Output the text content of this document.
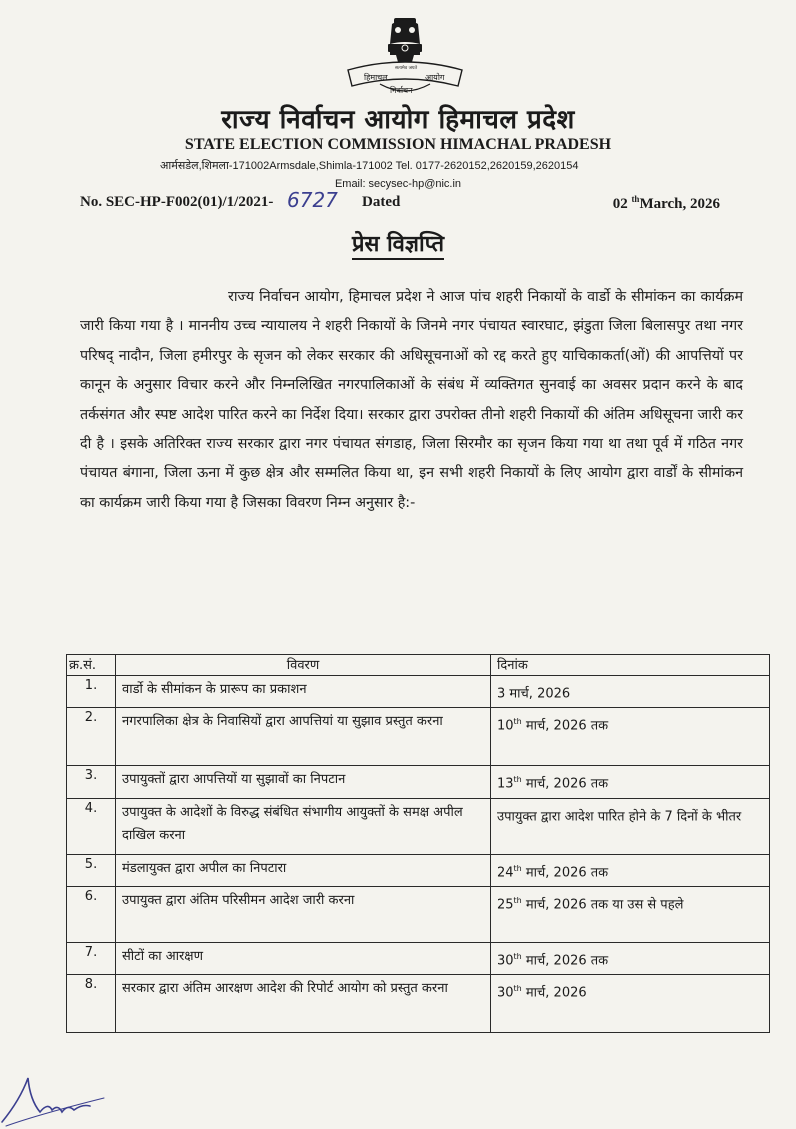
हिमाचल
सत्यमेव जयते
निर्वाचन
आयोग
राज्य निर्वाचन आयोग हिमाचल प्रदेश
STATE ELECTION COMMISSION HIMACHAL PRADESH
आर्मसडेल,शिमला-171002Armsdale,Shimla-171002 Tel. 0177-2620152,2620159,2620154
Email: secysec-hp@nic.in
No. SEC-HP-F002(01)/1/2021- 6727 Dated	02 $^{th}$March, 2026
प्रेस विज्ञप्ति
राज्य निर्वाचन आयोग, हिमाचल प्रदेश ने आज पांच शहरी निकायों के वार्डो के सीमांकन का कार्यक्रम जारी किया गया है । माननीय उच्च न्यायालय ने शहरी निकायों के जिनमे नगर पंचायत स्वारघाट, झंडुता जिला बिलासपुर तथा नगर परिषद् नादौन, जिला हमीरपुर के सृजन को लेकर सरकार की अधिसूचनाओं को रद्द करते हुए याचिकाकर्ता(ओं) की आपत्तियों पर कानून के अनुसार विचार करने और निम्नलिखित नगरपालिकाओं के संबंध में व्यक्तिगत सुनवाई का अवसर प्रदान करने के बाद तर्कसंगत और स्पष्ट आदेश पारित करने का निर्देश दिया। सरकार द्वारा उपरोक्त तीनो शहरी निकायों की अंतिम अधिसूचना जारी कर दी है । इसके अतिरिक्त राज्य सरकार द्वारा नगर पंचायत संगडाह, जिला सिरमौर का सृजन किया गया था तथा पूर्व में गठित नगर पंचायत बंगाना, जिला ऊना में कुछ क्षेत्र और सम्मलित किया था, इन सभी शहरी निकायों के लिए आयोग द्वारा वार्डों के सीमांकन का कार्यक्रम जारी किया गया है जिसका विवरण निम्न अनुसार है:-
क्र.सं.	विवरण	दिनांक
1.	वार्डो के सीमांकन के प्रारूप का प्रकाशन	3 मार्च, 2026
2.	नगरपालिका क्षेत्र के निवासियों द्वारा आपत्तियां या सुझाव प्रस्तुत करना	10th मार्च, 2026 तक
3.	उपायुक्तों द्वारा आपत्तियों या सुझावों का निपटान	13th मार्च, 2026 तक
4.	उपायुक्त के आदेशों के विरुद्ध संबंधित संभागीय आयुक्तों के समक्ष अपील दाखिल करना	उपायुक्त द्वारा आदेश पारित होने के 7 दिनों के भीतर
5.	मंडलायुक्त द्वारा अपील का निपटारा	24th मार्च, 2026 तक
6.	उपायुक्त द्वारा अंतिम परिसीमन आदेश जारी करना	25th मार्च, 2026 तक या उस से पहले
7.	सीटों का आरक्षण	30th मार्च, 2026 तक
8.	सरकार द्वारा अंतिम आरक्षण आदेश की रिपोर्ट आयोग को प्रस्तुत करना	30th मार्च, 2026
